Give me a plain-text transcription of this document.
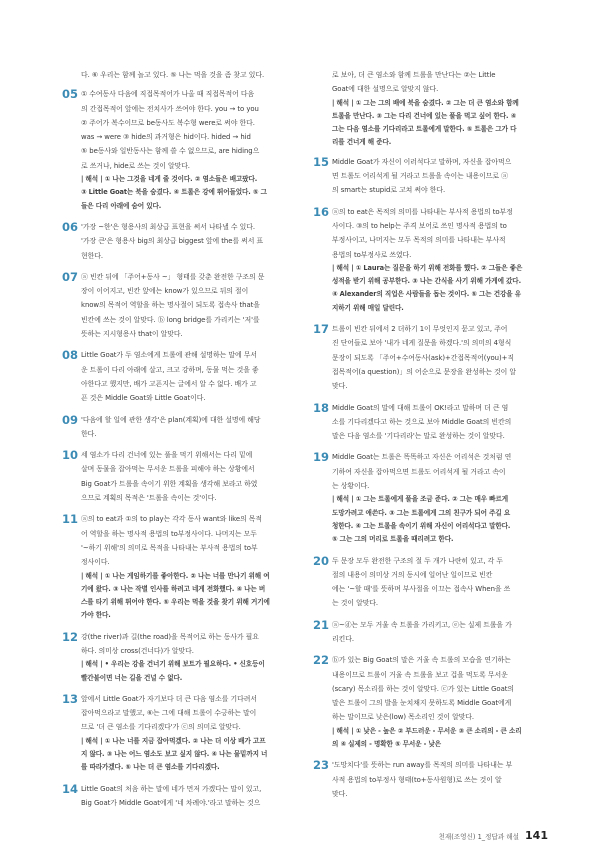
다. ⑥ 우리는 함께 놀고 있다. ⑤ 나는 먹을 것을 좀 찾고 있다.
05 ① 수여동사 다음에 직접목적어가 나올 때 직접목적어 다음
의 간접목적어 앞에는 전치사가 쓰여야 한다. you → to you
② 주어가 복수이므로 be동사도 복수형 were로 써야 한다.
was → were ③ hide의 과거형은 hid이다. hided → hid
⑤ be동사와 일반동사는 함께 쓸 수 없으므로, are hiding으
로 쓰거나, hide로 쓰는 것이 알맞다.
| 해석 | ① 나는 그것을 네게 줄 것이다. ② 염소들은 배고팠다.
③ Little Goat는 북을 숨겼다. ④ 트롤은 강에 뛰어들었다. ⑤ 그
들은 다리 아래에 숨어 있다.
06 '가장 ~한'은 형용사의 최상급 표현을 써서 나타낼 수 있다.
'가장 큰'은 형용사 big의 최상급 biggest 앞에 the를 써서 표
현한다.
07 ⓐ 빈칸 뒤에 「주어+동사 ~」 형태를 갖춘 완전한 구조의 문
장이 이어지고, 빈칸 앞에는 know가 있으므로 뒤의 절이
know의 목적어 역할을 하는 명사절이 되도록 접속사 that을
빈칸에 쓰는 것이 알맞다. ⓑ long bridge를 가리키는 '저'를
뜻하는 지시형용사 that이 알맞다.
08 Little Goat가 두 염소에게 트롤에 관해 설명하는 말에 무서
운 트롤이 다리 아래에 살고, 크고 강하며, 동물 먹는 것을 좋
아한다고 했지만, 배가 고픈지는 글에서 알 수 없다. 배가 고
픈 것은 Middle Goat와 Little Goat이다.
09 '다음에 할 일에 관한 생각'은 plan(계획)에 대한 설명에 해당
한다.
10 세 염소가 다리 건너에 있는 풀을 먹기 위해서는 다리 밑에
살며 동물을 잡아먹는 무서운 트롤을 피해야 하는 상황에서
Big Goat가 트롤을 속이기 위한 계획을 생각해 보라고 하였
으므로 계획의 목적은 '트롤을 속이는 것'이다.
11 ⓐ의 to eat과 ①의 to play는 각각 동사 want와 like의 목적
어 역할을 하는 명사적 용법의 to부정사이다. 나머지는 모두
'~하기 위해'의 의미로 목적을 나타내는 부사적 용법의 to부
정사이다.
| 해석 | ① 나는 게임하기를 좋아한다. ② 나는 너를 만나기 위해 여
기에 왔다. ③ 나는 작별 인사를 하려고 네게 전화했다. ④ 나는 버
스를 타기 위해 뛰어야 한다. ⑤ 우리는 먹을 것을 찾기 위해 거기에
가야 한다.
12 강(the river)과 길(the road)을 목적어로 하는 동사가 필요
하다. 의미상 cross(건너다)가 알맞다.
| 해석 | • 우리는 강을 건너기 위해 보트가 필요하다. • 신호등이
빨간불이면 너는 길을 건널 수 없다.
13 앞에서 Little Goat가 자기보다 더 큰 다음 염소를 기다려서
잡아먹으라고 말했고, ⑥는 그에 대해 트롤이 수긍하는 말이
므로 '더 큰 염소를 기다리겠다'가 ⓒ의 의미로 알맞다.
| 해석 | ① 나는 너를 지금 잡아먹겠다. ② 나는 더 이상 배가 고프
지 않다. ③ 나는 어느 염소도 보고 싶지 않다. ④ 나는 물밑까지 너
를 따라가겠다. ⑤ 나는 더 큰 염소를 기다리겠다.
14 Little Goat의 처음 하는 말에 네가 먼저 가겠다는 말이 있고,
Big Goat가 Middle Goat에게 '네 차례야.'라고 말하는 것으
로 보아, 더 큰 염소와 함께 트롤을 만난다는 ②는 Little
Goat에 대한 설명으로 알맞지 않다.
| 해석 | ① 그는 그의 배에 북을 숨겼다. ② 그는 더 큰 염소와 함께
트롤을 만난다. ③ 그는 다리 건너에 있는 풀을 먹고 싶어 한다. ④
그는 다음 염소를 기다리라고 트롤에게 말한다. ⑤ 트롤은 그가 다
리를 건너게 해 준다.
15 Middle Goat가 자신이 이러석다고 말하며, 자신을 잡아먹으
면 트롤도 어리석게 될 거라고 트롤을 속이는 내용이므로 ⓐ
의 smart는 stupid로 고쳐 써야 한다.
16 ⓐ의 to eat은 목적의 의미를 나타내는 부사적 용법의 to부정
사이다. ③의 to help는 주격 보어로 쓰인 명사적 용법의 to
부정사이고, 나머지는 모두 목적의 의미를 나타내는 부사적
용법의 to부정사로 쓰였다.
| 해석 | ① Laura는 질문을 하기 위해 전화를 했다. ② 그들은 좋은
성적을 받기 위해 공부한다. ③ 나는 간식을 사기 위해 가게에 갔다.
④ Alexander의 직업은 사람들을 돕는 것이다. ⑤ 그는 건강을 유
지하기 위해 매일 달린다.
17 트롤이 빈칸 뒤에서 2 더하기 1이 무엇인지 묻고 있고, 주어
진 단어들로 보아 '내가 네게 질문을 하겠다.'의 의미의 4형식
문장이 되도록 「주어+수여동사(ask)+간접목적어(you)+직
접목적어(a question)」의 어순으로 문장을 완성하는 것이 알
맞다.
18 Middle Goat의 말에 대해 트롤이 OK!라고 말하며 더 큰 염
소를 기다리겠다고 하는 것으로 보아 Middle Goat의 빈칸의
말은 다음 염소를 '기다리라'는 말로 완성하는 것이 알맞다.
19 Middle Goat는 트롤은 똑똑하고 자신은 어리석은 것처럼 연
기하여 자신을 잡아먹으면 트롤도 어리석게 될 거라고 속이
는 상황이다.
| 해석 | ① 그는 트롤에게 풀을 조금 준다. ② 그는 매우 빠르게
도망가려고 애쓴다. ③ 그는 트롤에게 그의 친구가 되어 주길 요
청한다. ④ 그는 트롤을 속이기 위해 자신이 어리석다고 말한다.
⑤ 그는 그의 머리로 트롤을 때리려고 한다.
20 두 문장 모두 완전한 구조의 절 두 개가 나란히 있고, 각 두
절의 내용이 의미상 거의 동시에 일어난 일이므로 빈칸
에는 '~할 때'를 뜻하며 부사절을 이끄는 접속사 When을 쓰
는 것이 알맞다.
21 ⓐ~ⓓ는 모두 거울 속 트롤을 가리키고, ⓔ는 실제 트롤을 가
리킨다.
22 ⓑ가 있는 Big Goat의 말은 거울 속 트롤의 모습을 연기하는
내용이므로 트롤이 거울 속 트롤을 보고 겁을 먹도록 무서운
(scary) 목소리를 하는 것이 알맞다. ⓒ가 있는 Little Goat의
말은 트롤이 그의 발을 눈치채지 못하도록 Middle Goat에게
하는 말이므로 낮은(low) 목소리인 것이 알맞다.
| 해석 | ① 낮은 - 높은 ② 부드러운 - 무서운 ③ 큰 소리의 - 큰 소리
의 ④ 실제의 - 명확한 ⑤ 무서운 - 낮은
23 '도망치다'를 뜻하는 run away를 목적의 의미를 나타내는 부
사적 용법의 to부정사 형태(to+동사원형)로 쓰는 것이 알
맞다.
천재(조영신) 1_정답과 해설 141
